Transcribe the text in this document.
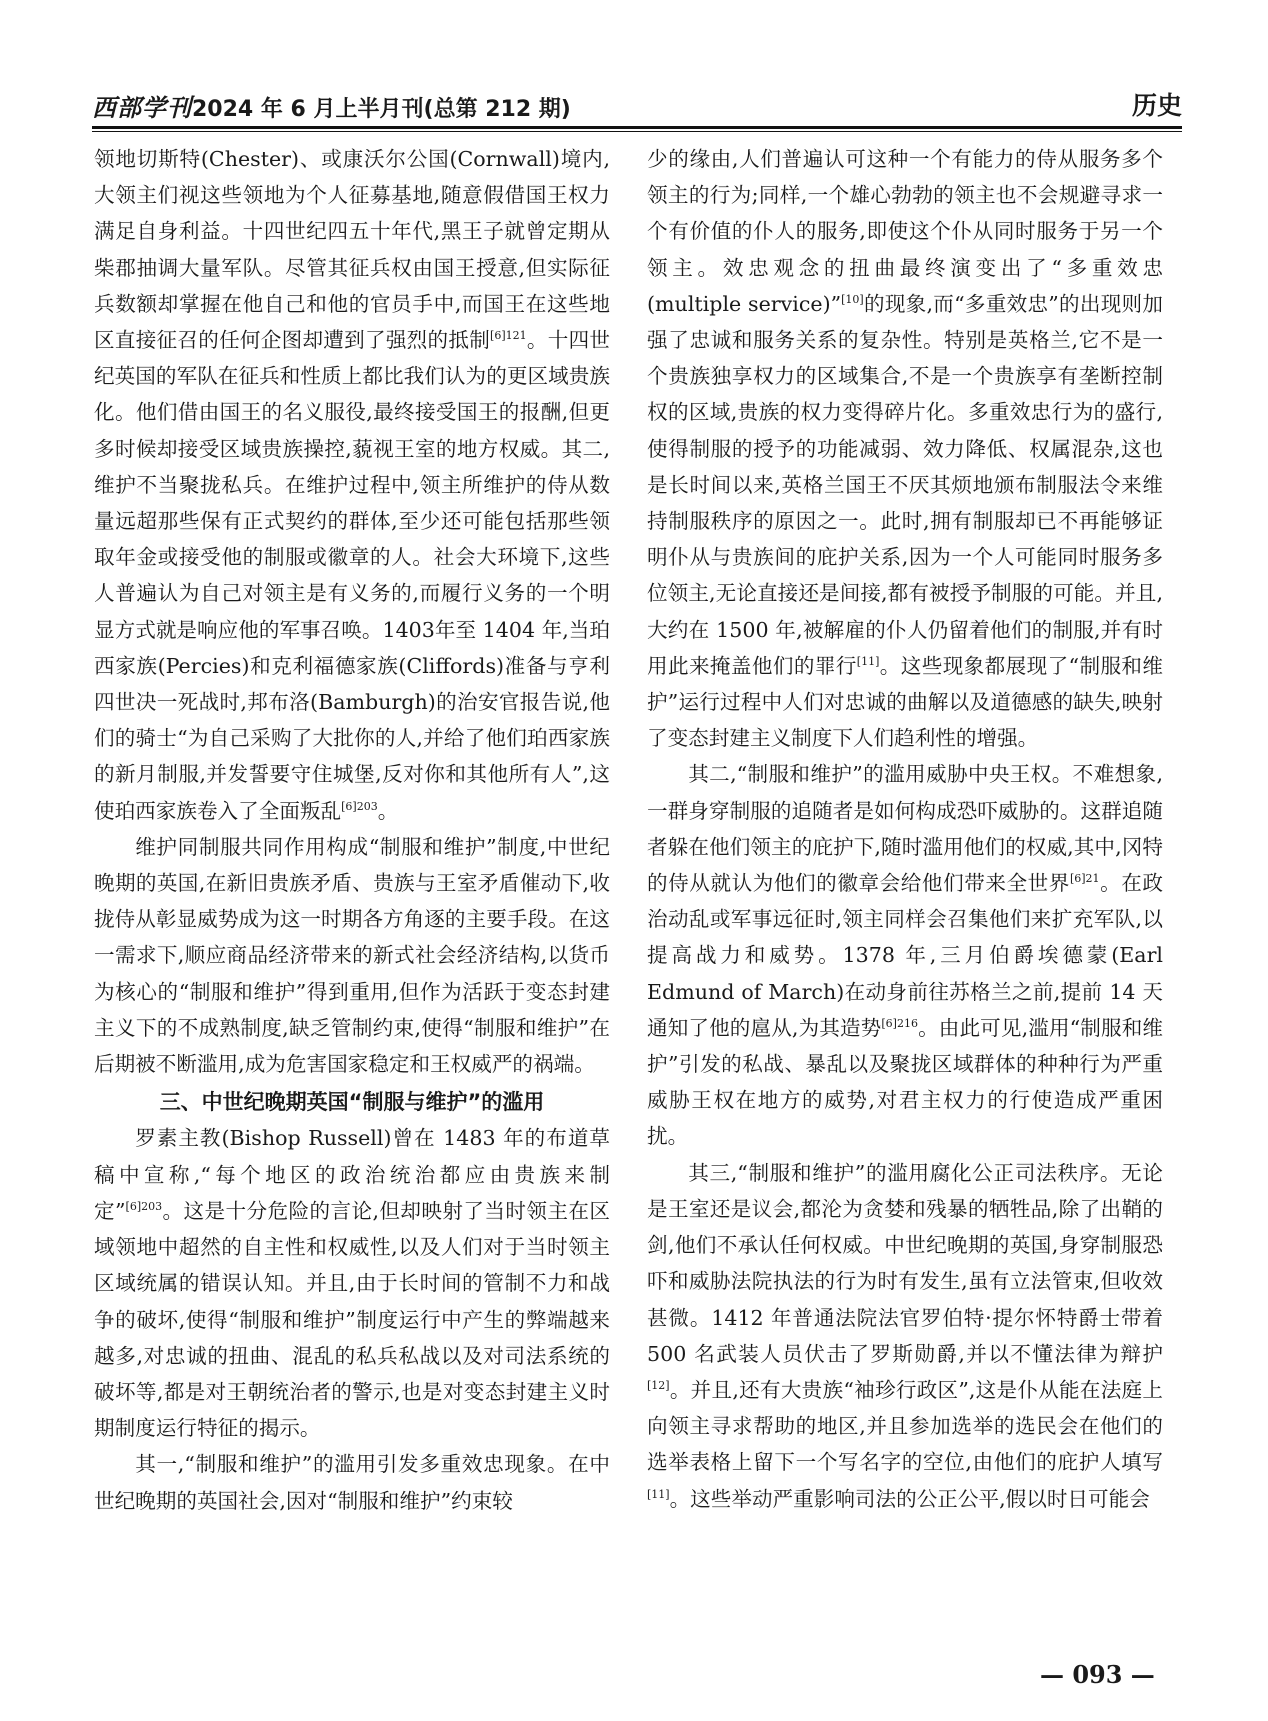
西部学刊2024 年 6 月上半月刊(总第 212 期)	历史

领地切斯特(Chester)、或康沃尔公国(Cornwall)境内,大领主们视这些领地为个人征募基地,随意假借国王权力满足自身利益。十四世纪四五十年代,黑王子就曾定期从柴郡抽调大量军队。尽管其征兵权由国王授意,但实际征兵数额却掌握在他自己和他的官员手中,而国王在这些地区直接征召的任何企图却遭到了强烈的抵制$^{[6]121}$。十四世纪英国的军队在征兵和性质上都比我们认为的更区域贵族化。他们借由国王的名义服役,最终接受国王的报酬,但更多时候却接受区域贵族操控,藐视王室的地方权威。其二,维护不当聚拢私兵。在维护过程中,领主所维护的侍从数量远超那些保有正式契约的群体,至少还可能包括那些领取年金或接受他的制服或徽章的人。社会大环境下,这些人普遍认为自己对领主是有义务的,而履行义务的一个明显方式就是响应他的军事召唤。1403年至 1404 年,当珀西家族(Percies)和克利福德家族(Cliffords)准备与亨利四世决一死战时,邦布洛(Bamburgh)的治安官报告说,他们的骑士“为自己采购了大批你的人,并给了他们珀西家族的新月制服,并发誓要守住城堡,反对你和其他所有人”,这使珀西家族卷入了全面叛乱$^{[6]203}$。

维护同制服共同作用构成“制服和维护”制度,中世纪晚期的英国,在新旧贵族矛盾、贵族与王室矛盾催动下,收拢侍从彰显威势成为这一时期各方角逐的主要手段。在这一需求下,顺应商品经济带来的新式社会经济结构,以货币为核心的“制服和维护”得到重用,但作为活跃于变态封建主义下的不成熟制度,缺乏管制约束,使得“制服和维护”在后期被不断滥用,成为危害国家稳定和王权威严的祸端。

三、中世纪晚期英国“制服与维护”的滥用

罗素主教(Bishop Russell)曾在 1483 年的布道草稿中宣称,“每个地区的政治统治都应由贵族来制定”$^{[6]203}$。这是十分危险的言论,但却映射了当时领主在区域领地中超然的自主性和权威性,以及人们对于当时领主区域统属的错误认知。并且,由于长时间的管制不力和战争的破坏,使得“制服和维护”制度运行中产生的弊端越来越多,对忠诚的扭曲、混乱的私兵私战以及对司法系统的破坏等,都是对王朝统治者的警示,也是对变态封建主义时期制度运行特征的揭示。

其一,“制服和维护”的滥用引发多重效忠现象。在中世纪晚期的英国社会,因对“制服和维护”约束较

少的缘由,人们普遍认可这种一个有能力的侍从服务多个领主的行为;同样,一个雄心勃勃的领主也不会规避寻求一个有价值的仆人的服务,即使这个仆从同时服务于另一个领主。效忠观念的扭曲最终演变出了“多重效忠(multiple service)”[10]的现象,而“多重效忠”的出现则加强了忠诚和服务关系的复杂性。特别是英格兰,它不是一个贵族独享权力的区域集合,不是一个贵族享有垄断控制权的区域,贵族的权力变得碎片化。多重效忠行为的盛行,使得制服的授予的功能减弱、效力降低、权属混杂,这也是长时间以来,英格兰国王不厌其烦地颁布制服法令来维持制服秩序的原因之一。此时,拥有制服却已不再能够证明仆从与贵族间的庇护关系,因为一个人可能同时服务多位领主,无论直接还是间接,都有被授予制服的可能。并且,大约在 1500 年,被解雇的仆人仍留着他们的制服,并有时用此来掩盖他们的罪行[11]。这些现象都展现了“制服和维护”运行过程中人们对忠诚的曲解以及道德感的缺失,映射了变态封建主义制度下人们趋利性的增强。

其二,“制服和维护”的滥用威胁中央王权。不难想象,一群身穿制服的追随者是如何构成恐吓威胁的。这群追随者躲在他们领主的庇护下,随时滥用他们的权威,其中,冈特的侍从就认为他们的徽章会给他们带来全世界$^{[6]21}$。在政治动乱或军事远征时,领主同样会召集他们来扩充军队,以提高战力和威势。1378 年,三月伯爵埃德蒙(Earl Edmund of March)在动身前往苏格兰之前,提前 14 天通知了他的扈从,为其造势$^{[6]216}$。由此可见,滥用“制服和维护”引发的私战、暴乱以及聚拢区域群体的种种行为严重威胁王权在地方的威势,对君主权力的行使造成严重困扰。

其三,“制服和维护”的滥用腐化公正司法秩序。无论是王室还是议会,都沦为贪婪和残暴的牺牲品,除了出鞘的剑,他们不承认任何权威。中世纪晚期的英国,身穿制服恐吓和威胁法院执法的行为时有发生,虽有立法管束,但收效甚微。1412 年普通法院法官罗伯特·提尔怀特爵士带着 500 名武装人员伏击了罗斯勋爵,并以不懂法律为辩护[12]。并且,还有大贵族“袖珍行政区”,这是仆从能在法庭上向领主寻求帮助的地区,并且参加选举的选民会在他们的选举表格上留下一个写名字的空位,由他们的庇护人填写[11]。这些举动严重影响司法的公正公平,假以时日可能会

— 093 —
